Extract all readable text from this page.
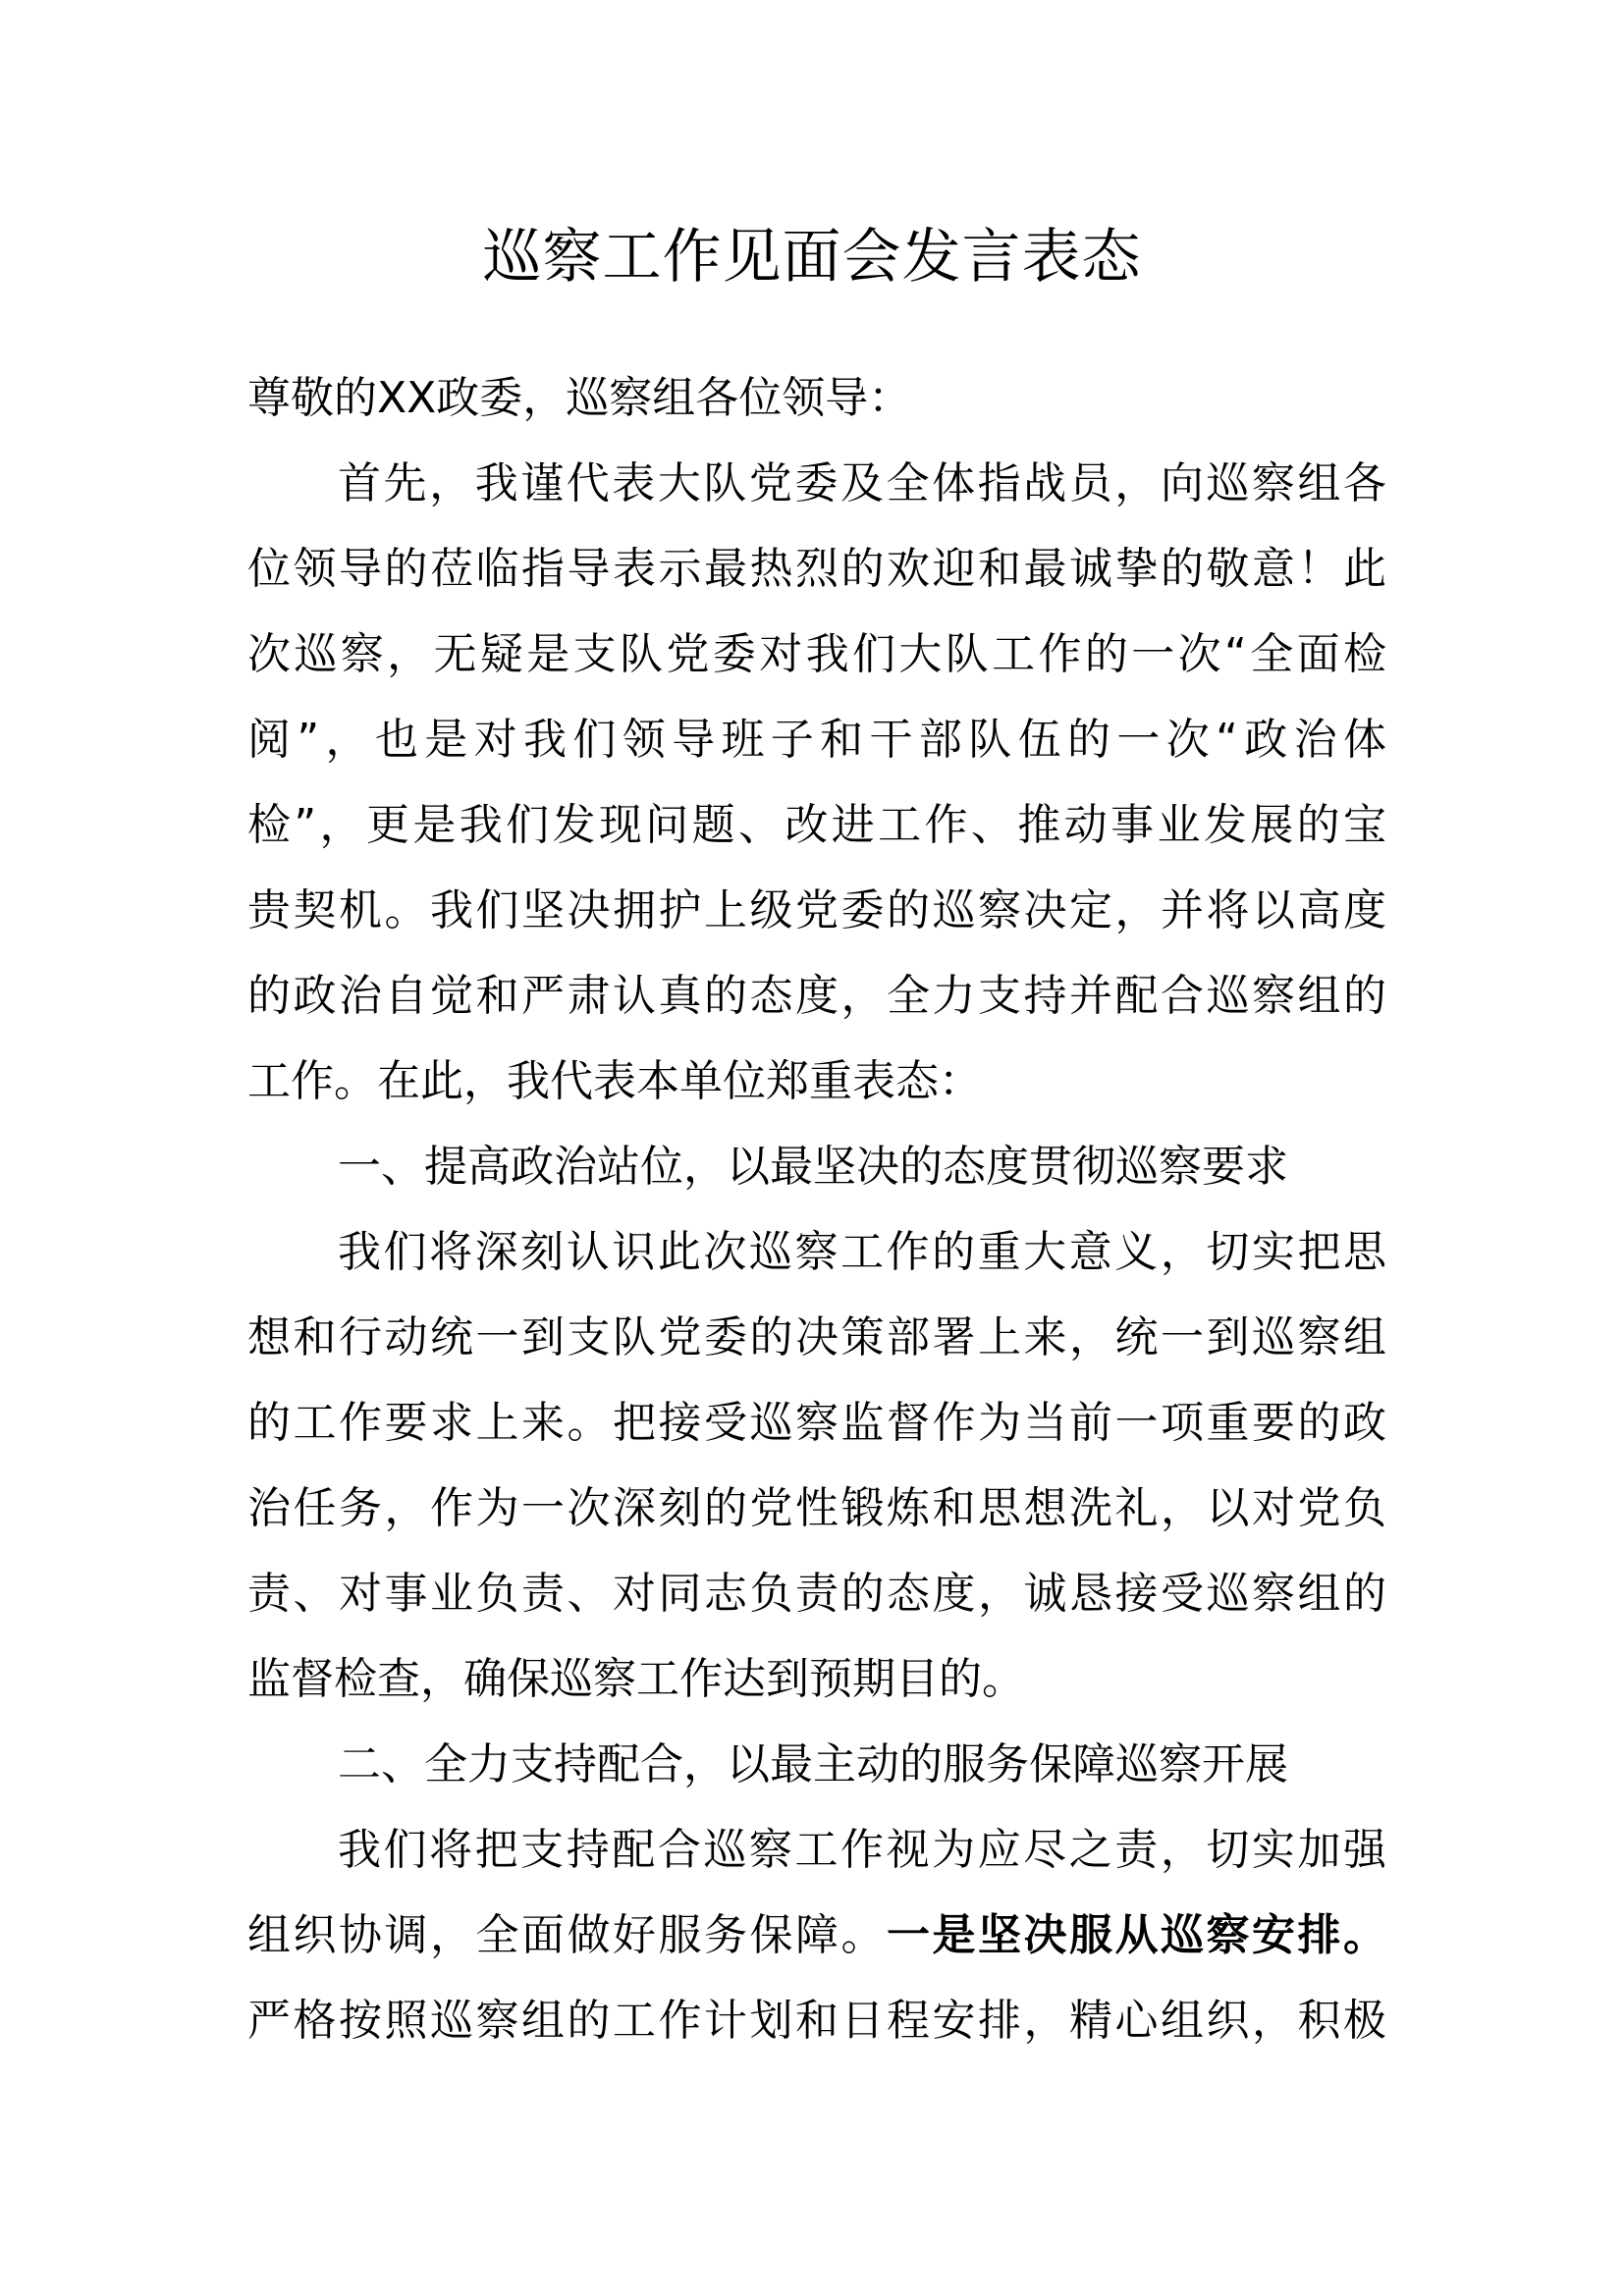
巡察工作见面会发言表态
尊敬的XX政委，巡察组各位领导：
首先，我谨代表大队党委及全体指战员，向巡察组各
位领导的莅临指导表示最热烈的欢迎和最诚挚的敬意！此
次巡察，无疑是支队党委对我们大队工作的一次“全面检
阅”，也是对我们领导班子和干部队伍的一次“政治体
检”，更是我们发现问题、改进工作、推动事业发展的宝
贵契机。我们坚决拥护上级党委的巡察决定，并将以高度
的政治自觉和严肃认真的态度，全力支持并配合巡察组的
工作。在此，我代表本单位郑重表态：
一、提高政治站位，以最坚决的态度贯彻巡察要求
我们将深刻认识此次巡察工作的重大意义，切实把思
想和行动统一到支队党委的决策部署上来，统一到巡察组
的工作要求上来。把接受巡察监督作为当前一项重要的政
治任务，作为一次深刻的党性锻炼和思想洗礼，以对党负
责、对事业负责、对同志负责的态度，诚恳接受巡察组的
监督检查，确保巡察工作达到预期目的。
二、全力支持配合，以最主动的服务保障巡察开展
我们将把支持配合巡察工作视为应尽之责，切实加强
组织协调，全面做好服务保障。一是坚决服从巡察安排。
严格按照巡察组的工作计划和日程安排，精心组织，积极
